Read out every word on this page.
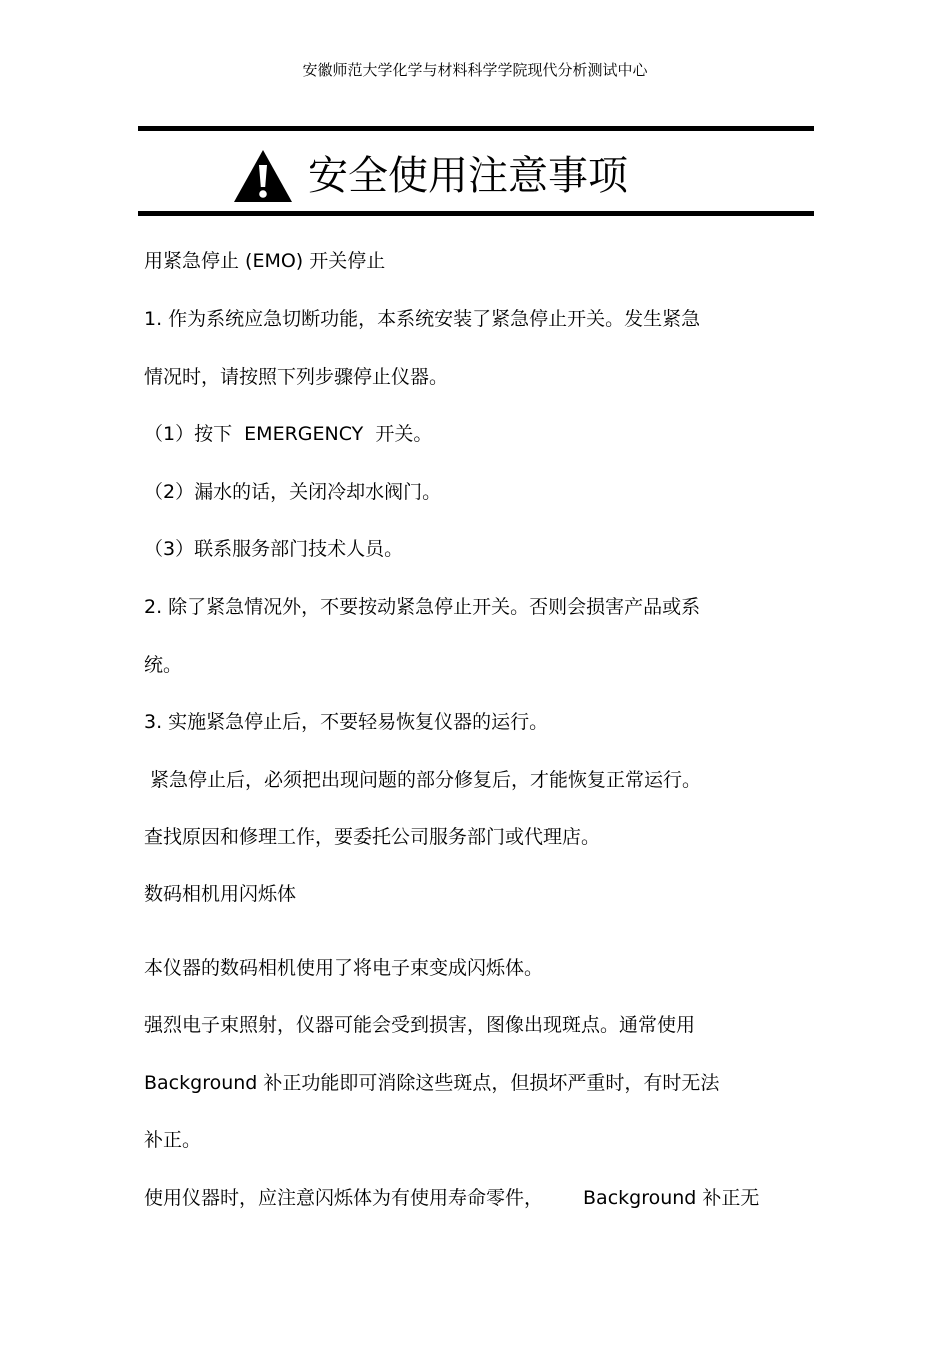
安徽师范大学化学与材料科学学院现代分析测试中心
安全使用注意事项
用紧急停止 (EMO) 开关停止
1. 作为系统应急切断功能，本系统安装了紧急停止开关。发生紧急
情况时，请按照下列步骤停止仪器。
（1）按下  EMERGENCY  开关。
（2）漏水的话，关闭冷却水阀门。
（3）联系服务部门技术人员。
2. 除了紧急情况外，不要按动紧急停止开关。否则会损害产品或系
统。
3. 实施紧急停止后，不要轻易恢复仪器的运行。
紧急停止后，必须把出现问题的部分修复后，才能恢复正常运行。
查找原因和修理工作，要委托公司服务部门或代理店。
数码相机用闪烁体
本仪器的数码相机使用了将电子束变成闪烁体。
强烈电子束照射，仪器可能会受到损害，图像出现斑点。通常使用
Background 补正功能即可消除这些斑点，但损坏严重时，有时无法
补正。
使用仪器时，应注意闪烁体为有使用寿命零件， Background 补正无
